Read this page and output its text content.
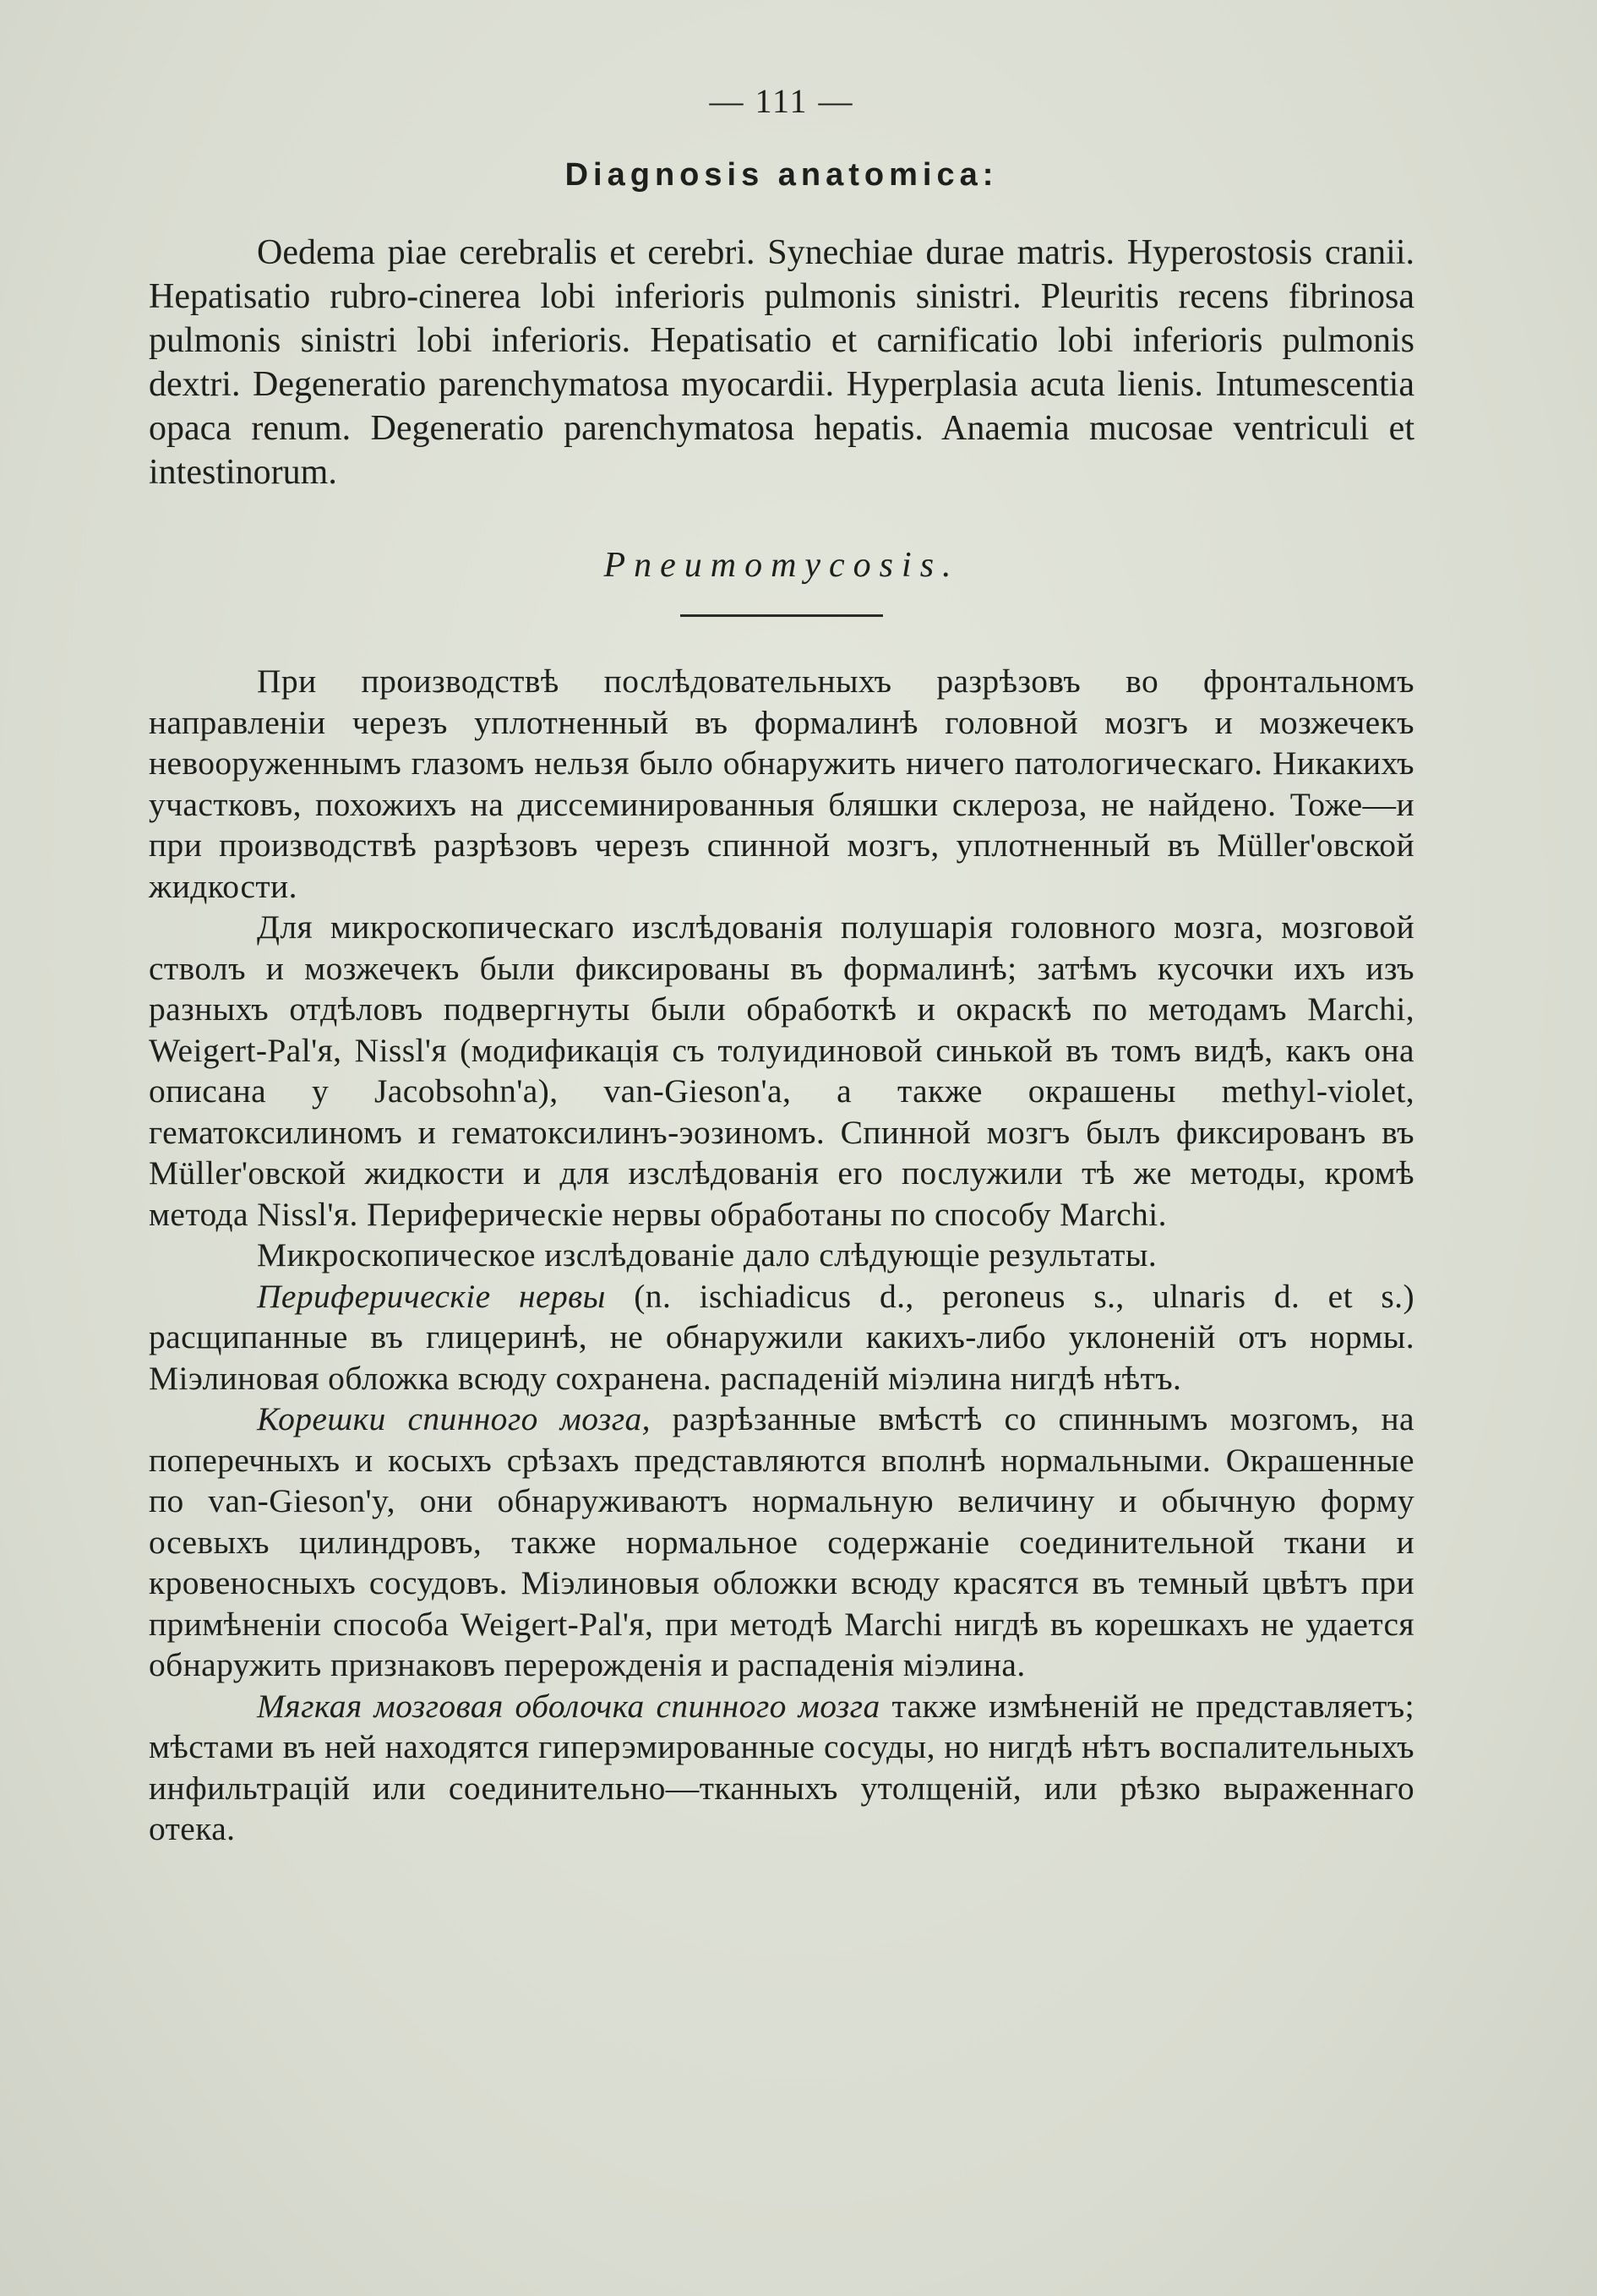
— 111 —
Diagnosis anatomica:

Oedema piae cerebralis et cerebri. Synechiae durae matris. Hyperostosis cranii. Hepatisatio rubro-cinerea lobi inferioris pulmonis sinistri. Pleuritis recens fibrinosa pulmonis sinistri lobi inferioris. Hepatisatio et carnificatio lobi inferioris pulmonis dextri. Degeneratio parenchymatosa myocardii. Hyperplasia acuta lienis. Intumescentia opaca renum. Degeneratio parenchymatosa hepatis. Anaemia mucosae ventriculi et intestinorum.

Pneumomycosis.

При производствѣ послѣдовательныхъ разрѣзовъ во фронтальномъ направленіи черезъ уплотненный въ формалинѣ головной мозгъ и мозжечекъ невооруженнымъ глазомъ нельзя было обнаружить ничего патологическаго. Никакихъ участковъ, похожихъ на диссеминированныя бляшки склероза, не найдено. Тоже—и при производствѣ разрѣзовъ черезъ спинной мозгъ, уплотненный въ Müller'овской жидкости.

Для микроскопическаго изслѣдованія полушарія головного мозга, мозговой стволъ и мозжечекъ были фиксированы въ формалинѣ; затѣмъ кусочки ихъ изъ разныхъ отдѣловъ подвергнуты были обработкѣ и окраскѣ по методамъ Marchi, Weigert-Pal'я, Nissl'я (модификація съ толуидиновой синькой въ томъ видѣ, какъ она описана у Jacobsohn'a), van-Gieson'a, а также окрашены methyl-violet, гематоксилиномъ и гематоксилинъ-эозиномъ. Спинной мозгъ былъ фиксированъ въ Müller'овской жидкости и для изслѣдованія его послужили тѣ же методы, кромѣ метода Nissl'я. Периферическіе нервы обработаны по способу Marchi.

Микроскопическое изслѣдованіе дало слѣдующіе результаты.

Периферическіе нервы (n. ischiadicus d., peroneus s., ulnaris d. et s.) расщипанные въ глицеринѣ, не обнаружили какихъ-либо уклоненій отъ нормы. Міэлиновая обложка всюду сохранена. распаденій міэлина нигдѣ нѣтъ.

Корешки спинного мозга, разрѣзанные вмѣстѣ со спиннымъ мозгомъ, на поперечныхъ и косыхъ срѣзахъ представляются вполнѣ нормальными. Окрашенные по van-Gieson'y, они обнаруживаютъ нормальную величину и обычную форму осевыхъ цилиндровъ, также нормальное содержаніе соединительной ткани и кровеносныхъ сосудовъ. Міэлиновыя обложки всюду красятся въ темный цвѣтъ при примѣненіи способа Weigert-Pal'я, при методѣ Marchi нигдѣ въ корешкахъ не удается обнаружить признаковъ перерожденія и распаденія міэлина.

Мягкая мозговая оболочка спинного мозга также измѣненій не представляетъ; мѣстами въ ней находятся гиперэмированные сосуды, но нигдѣ нѣтъ воспалительныхъ инфильтрацій или соединительно—тканныхъ утолщеній, или рѣзко выраженнаго отека.
